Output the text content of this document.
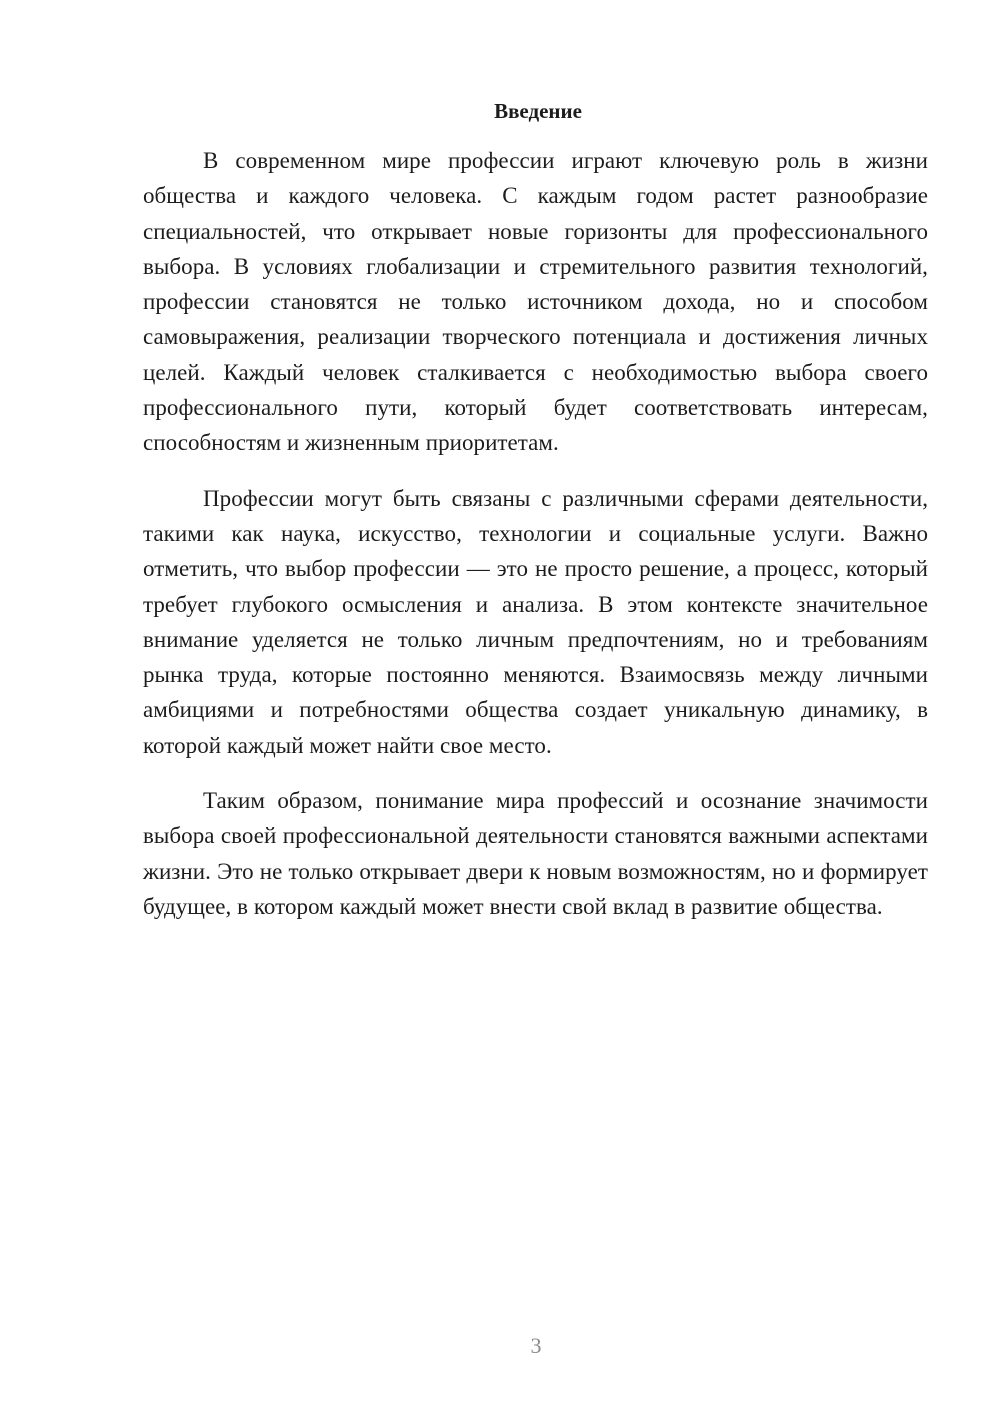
Введение

В современном мире профессии играют ключевую роль в жизни общества и каждого человека. С каждым годом растет разнообразие специальностей, что открывает новые горизонты для профессионального выбора. В условиях глобализации и стремительного развития технологий, профессии становятся не только источником дохода, но и способом самовыражения, реализации творческого потенциала и достижения личных целей. Каждый человек сталкивается с необходимостью выбора своего профессионального пути, который будет соответствовать интересам, способностям и жизненным приоритетам.

Профессии могут быть связаны с различными сферами деятельности, такими как наука, искусство, технологии и социальные услуги. Важно отметить, что выбор профессии — это не просто решение, а процесс, который требует глубокого осмысления и анализа. В этом контексте значительное внимание уделяется не только личным предпочтениям, но и требованиям рынка труда, которые постоянно меняются. Взаимосвязь между личными амбициями и потребностями общества создает уникальную динамику, в которой каждый может найти свое место.

Таким образом, понимание мира профессий и осознание значимости выбора своей профессиональной деятельности становятся важными аспектами жизни. Это не только открывает двери к новым возможностям, но и формирует будущее, в котором каждый может внести свой вклад в развитие общества.

3
